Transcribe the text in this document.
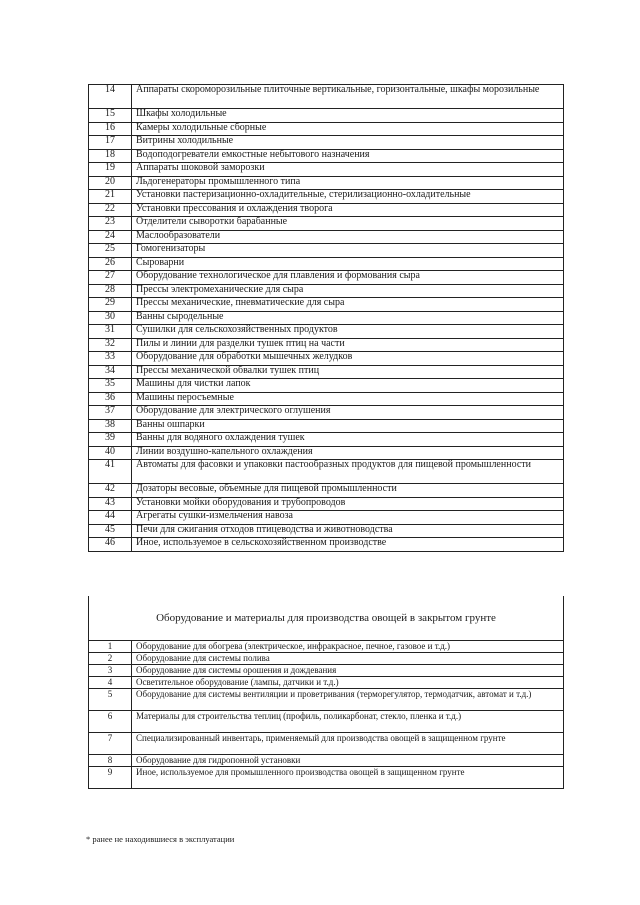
14	Аппараты скороморозильные плиточные вертикальные, горизонтальные, шкафы морозильные
15	Шкафы холодильные
16	Камеры холодильные сборные
17	Витрины холодильные
18	Водоподогреватели емкостные небытового назначения
19	Аппараты шоковой заморозки
20	Льдогенераторы промышленного типа
21	Установки пастеризационно-охладительные, стерилизационно-охладительные
22	Установки прессования и охлаждения творога
23	Отделители сыворотки барабанные
24	Маслообразователи
25	Гомогенизаторы
26	Сыроварни
27	Оборудование технологическое для плавления и формования сыра
28	Прессы электромеханические для сыра
29	Прессы механические, пневматические для сыра
30	Ванны сыродельные
31	Сушилки для сельскохозяйственных продуктов
32	Пилы и линии для разделки тушек птиц на части
33	Оборудование для обработки мышечных желудков
34	Прессы механической обвалки тушек птиц
35	Машины для чистки лапок
36	Машины перосъемные
37	Оборудование для электрического оглушения
38	Ванны ошпарки
39	Ванны для водяного охлаждения тушек
40	Линии воздушно-капельного охлаждения
41	Автоматы для фасовки и упаковки пастообразных продуктов для пищевой промышленности
42	Дозаторы весовые, объемные для пищевой промышленности
43	Установки мойки оборудования и трубопроводов
44	Агрегаты сушки-измельчения навоза
45	Печи для сжигания отходов птицеводства и животноводства
46	Иное, используемое в сельскохозяйственном производстве
Оборудование и материалы для производства овощей в закрытом грунте
1	Оборудование для обогрева (электрическое, инфракрасное, печное, газовое и т.д.)
2	Оборудование для системы полива
3	Оборудование для системы орошения и дождевания
4	Осветительное оборудование (лампы, датчики и т.д.)
5	Оборудование для системы вентиляции и проветривания (терморегулятор, термодатчик, автомат и т.д.)
6	Материалы для строительства теплиц (профиль, поликарбонат, стекло, пленка и т.д.)
7	Специализированный инвентарь, применяемый для производства овощей в защищенном грунте
8	Оборудование для гидропонной установки
9	Иное, используемое для промышленного производства овощей в защищенном грунте
* ранее не находившиеся в эксплуатации
